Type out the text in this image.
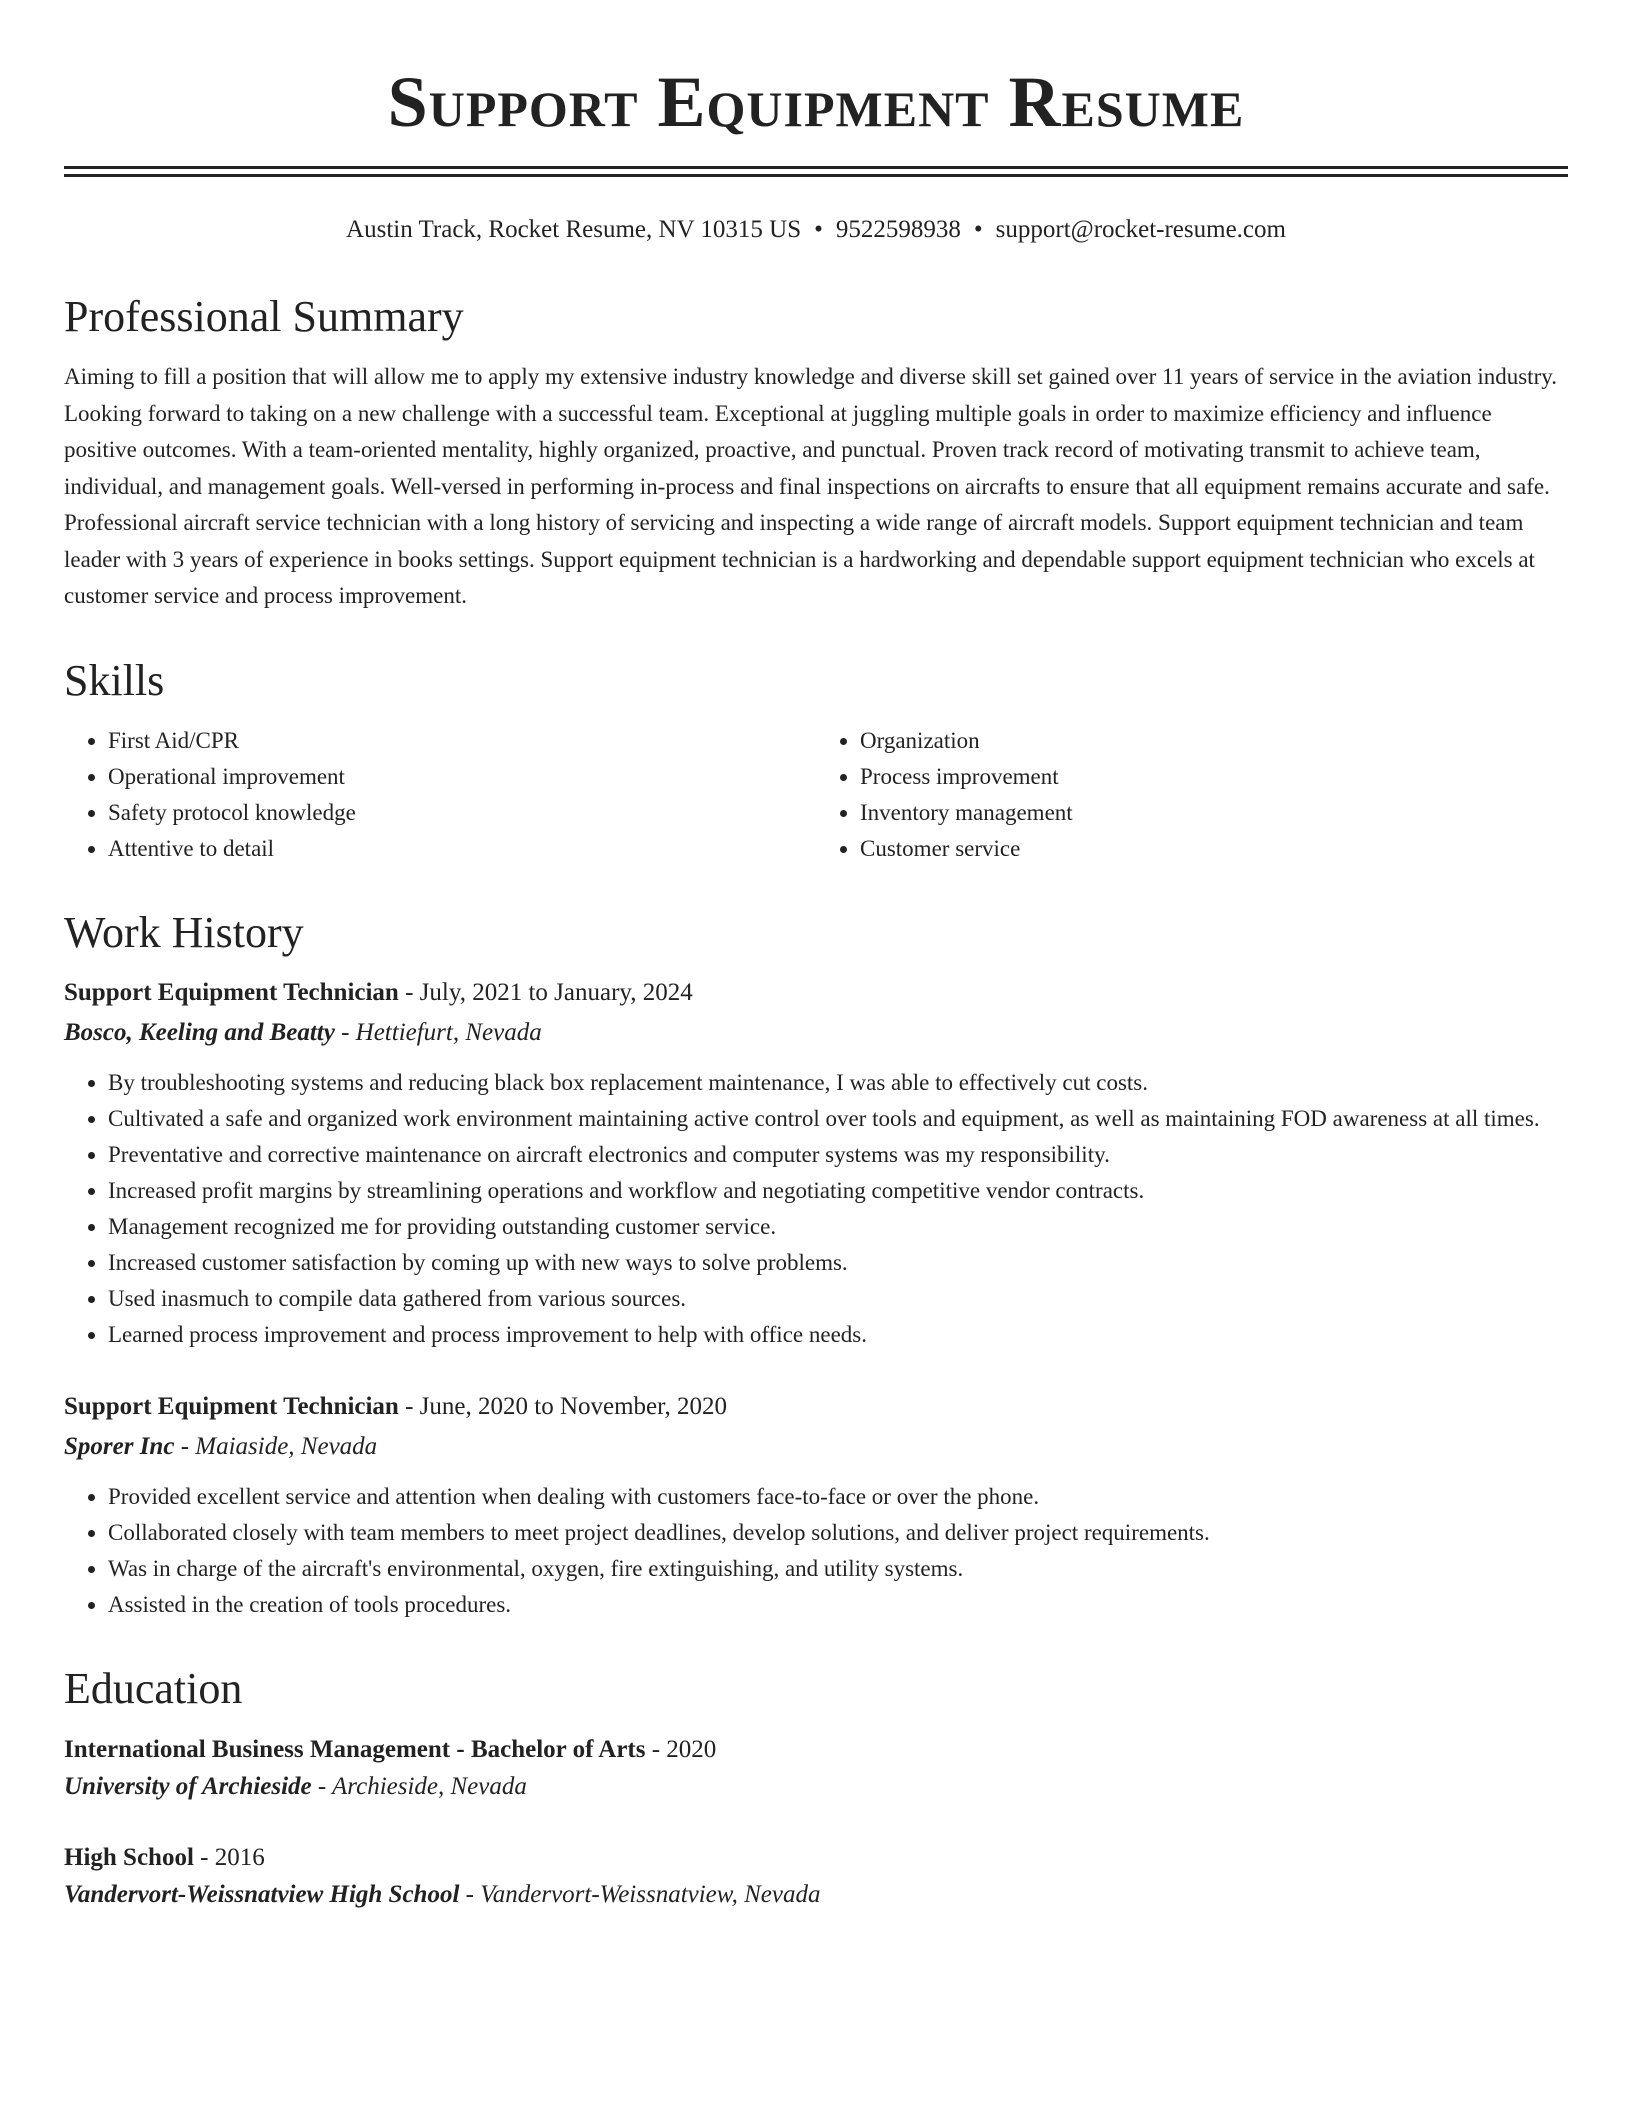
Support Equipment Resume
Austin Track, Rocket Resume, NV 10315 US • 9522598938 • support@rocket-resume.com
Professional Summary

Aiming to fill a position that will allow me to apply my extensive industry knowledge and diverse skill set gained over 11 years of service in the aviation industry. Looking forward to taking on a new challenge with a successful team. Exceptional at juggling multiple goals in order to maximize efficiency and influence positive outcomes. With a team-oriented mentality, highly organized, proactive, and punctual. Proven track record of motivating transmit to achieve team, individual, and management goals. Well-versed in performing in-process and final inspections on aircrafts to ensure that all equipment remains accurate and safe. Professional aircraft service technician with a long history of servicing and inspecting a wide range of aircraft models. Support equipment technician and team leader with 3 years of experience in books settings. Support equipment technician is a hardworking and dependable support equipment technician who excels at customer service and process improvement.

Skills
• First Aid/CPR
• Operational improvement
• Safety protocol knowledge
• Attentive to detail
• Organization
• Process improvement
• Inventory management
• Customer service
Work History
Support Equipment Technician - July, 2021 to January, 2024
Bosco, Keeling and Beatty - Hettiefurt, Nevada
• By troubleshooting systems and reducing black box replacement maintenance, I was able to effectively cut costs.
• Cultivated a safe and organized work environment maintaining active control over tools and equipment, as well as maintaining FOD awareness at all times.
• Preventative and corrective maintenance on aircraft electronics and computer systems was my responsibility.
• Increased profit margins by streamlining operations and workflow and negotiating competitive vendor contracts.
• Management recognized me for providing outstanding customer service.
• Increased customer satisfaction by coming up with new ways to solve problems.
• Used inasmuch to compile data gathered from various sources.
• Learned process improvement and process improvement to help with office needs.
Support Equipment Technician - June, 2020 to November, 2020
Sporer Inc - Maiaside, Nevada
• Provided excellent service and attention when dealing with customers face-to-face or over the phone.
• Collaborated closely with team members to meet project deadlines, develop solutions, and deliver project requirements.
• Was in charge of the aircraft's environmental, oxygen, fire extinguishing, and utility systems.
• Assisted in the creation of tools procedures.
Education
International Business Management - Bachelor of Arts - 2020
University of Archieside - Archieside, Nevada
High School - 2016
Vandervort-Weissnatview High School - Vandervort-Weissnatview, Nevada
